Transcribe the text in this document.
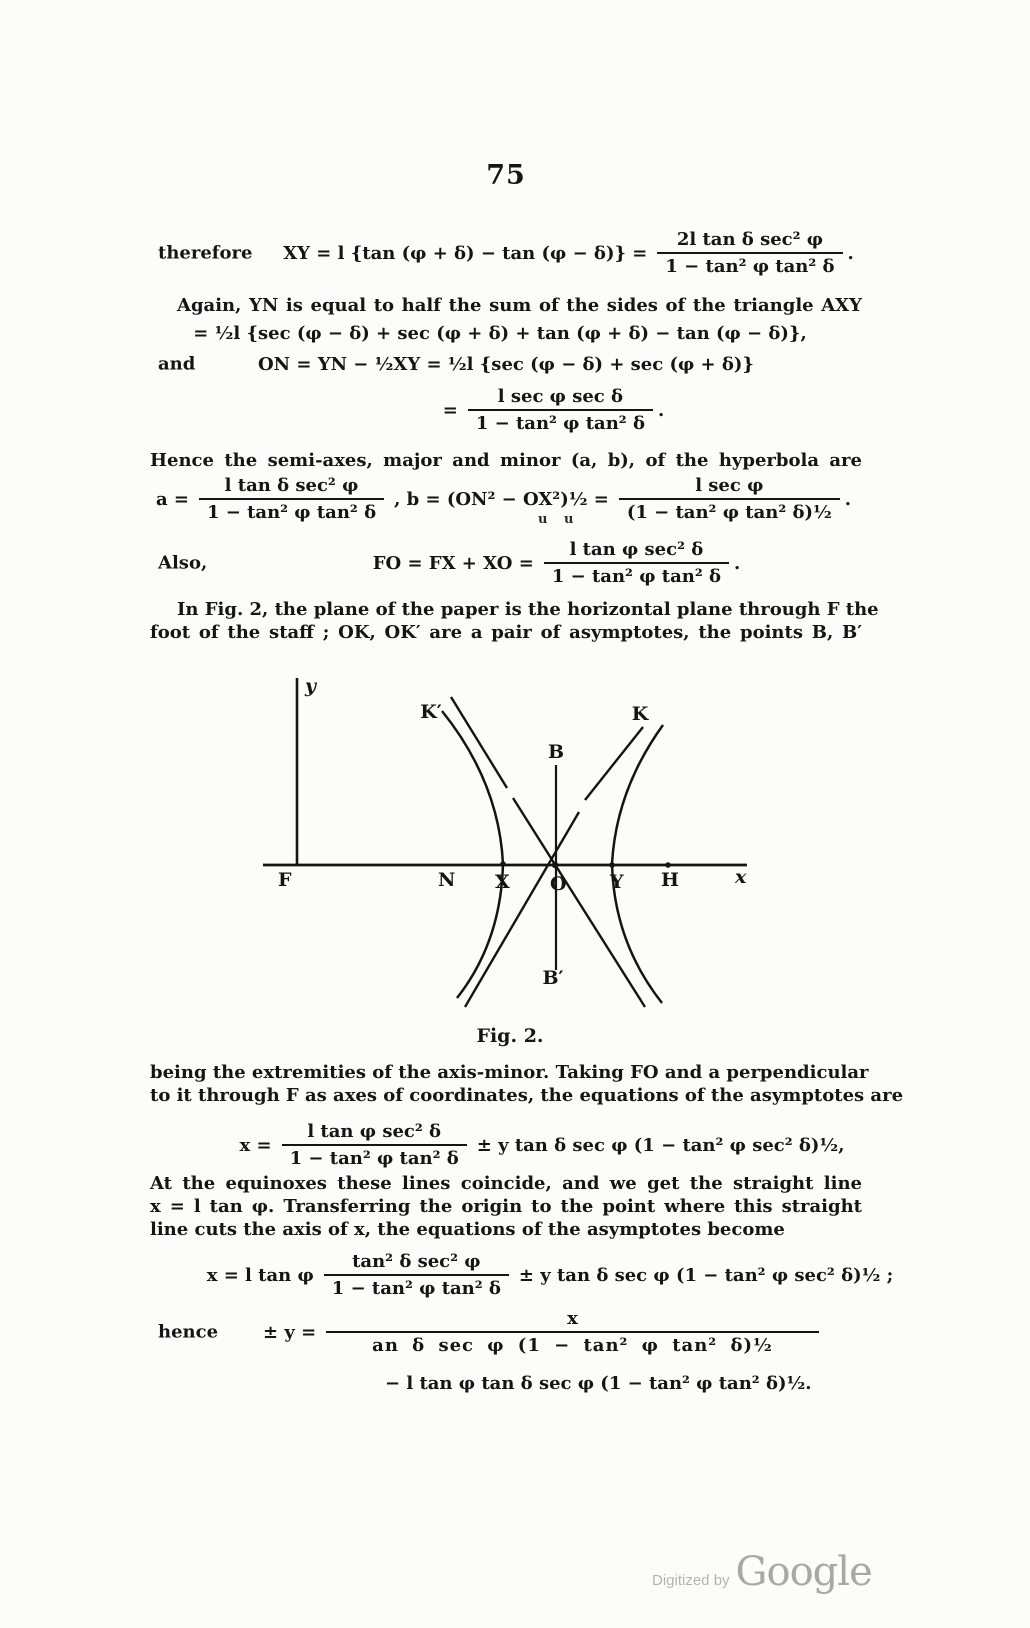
75
therefore XY = l {tan $(\varphi + \delta) - \tan (\varphi - \delta)\} = \frac{\text{2l tan δ sec² φ}}{\text{1 − tan² φ tan² δ}}$ .
Again, YN is equal to half the sum of the sides of the triangle AXY
= ½l {sec (φ − δ) + sec (φ + δ) + tan (φ + δ) − tan (φ − δ)},
and	ON = YN − ½XY = ½l {sec (φ − δ) + sec (φ + δ)}
= $\frac{\text{l sec φ sec δ}}{\text{1 − tan² φ tan² δ}}$ .
Hence the semi-axes, major and minor (a, b), of the hyperbola are
$a = \frac{\text{l tan δ sec² φ}}{\text{1 − tan² φ tan² δ}}$ , b = (ON² − OX²)½ = $\frac{\text{l sec φ}}{\text{(1 − tan² φ tan² δ)½}}$ .
u u
Also,	FO = FX + XO = $\frac{\text{l tan φ sec² δ}}{\text{1 − tan² φ tan² δ}}$ .
In Fig. 2, the plane of the paper is the horizontal plane through F the
foot of the staff ; OK, OK′ are a pair of asymptotes, the points B, B′
y
x
F	N X O Y H
B
B′
K′	K
Fig. 2.
being the extremities of the axis-minor. Taking FO and a perpendicular
to it through F as axes of coordinates, the equations of the asymptotes are
$x = \frac{\text{l tan φ sec² δ}}{\text{1 − tan² φ tan² δ}} \pm y$ tan δ sec φ (1 − tan² φ sec² δ)½,
At the equinoxes these lines coincide, and we get the straight line
x = l tan φ. Transferring the origin to the point where this straight
line cuts the axis of x, the equations of the asymptotes become
x = l tan φ $\frac{\text{tan² δ sec² φ}}{\text{1 − tan² φ tan² δ}} \pm y$ tan δ sec φ (1 − tan² φ sec² δ)½ ;
hence ± $y = \frac{x}{\text{an δ sec φ (1 − tan² φ tan² δ)½}}$
− l tan φ tan δ sec φ (1 − tan² φ tan² δ)½.
Digitized by Google
